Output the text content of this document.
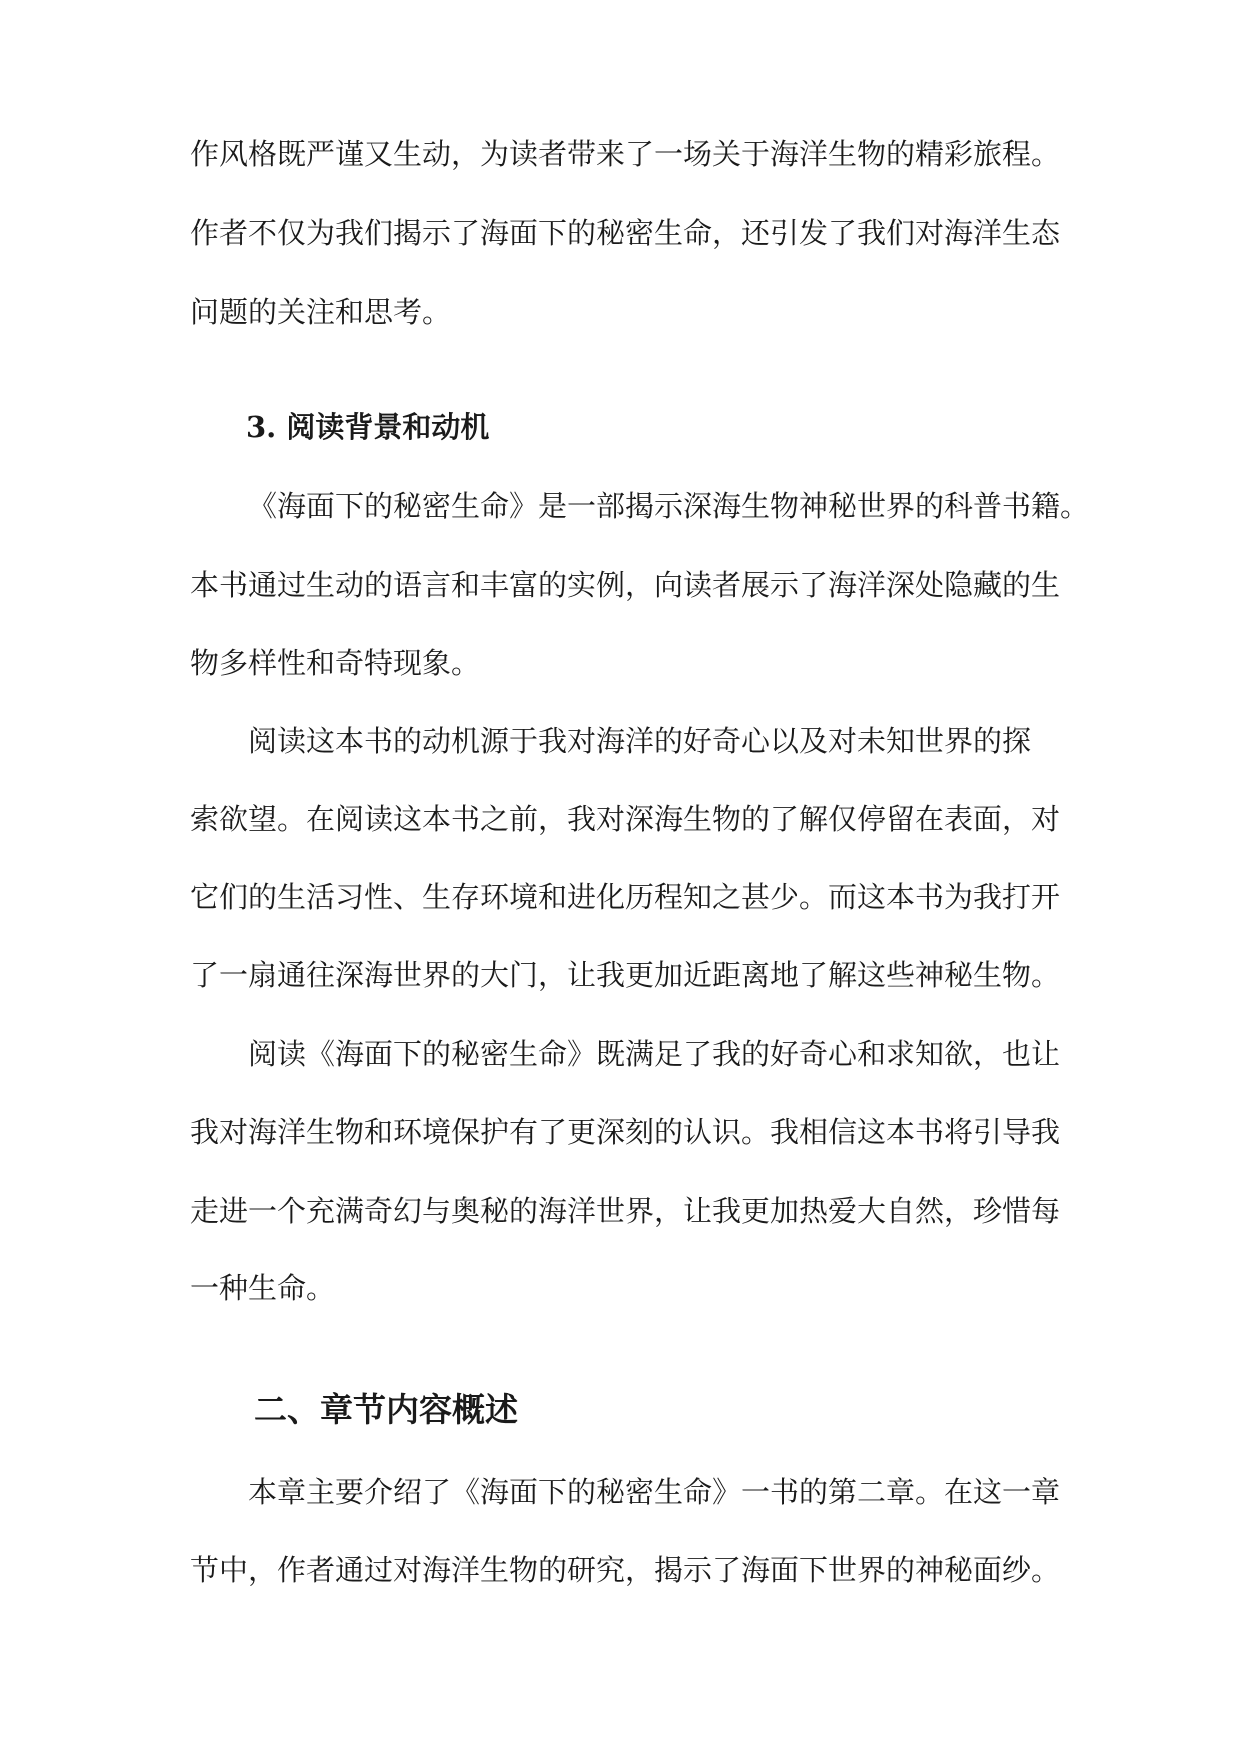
作风格既严谨又生动，为读者带来了一场关于海洋生物的精彩旅程。
作者不仅为我们揭示了海面下的秘密生命，还引发了我们对海洋生态
问题的关注和思考。
3. 阅读背景和动机
《海面下的秘密生命》是一部揭示深海生物神秘世界的科普书籍。
本书通过生动的语言和丰富的实例，向读者展示了海洋深处隐藏的生
物多样性和奇特现象。
阅读这本书的动机源于我对海洋的好奇心以及对未知世界的探
索欲望。在阅读这本书之前，我对深海生物的了解仅停留在表面，对
它们的生活习性、生存环境和进化历程知之甚少。而这本书为我打开
了一扇通往深海世界的大门，让我更加近距离地了解这些神秘生物。
阅读《海面下的秘密生命》既满足了我的好奇心和求知欲，也让
我对海洋生物和环境保护有了更深刻的认识。我相信这本书将引导我
走进一个充满奇幻与奥秘的海洋世界，让我更加热爱大自然，珍惜每
一种生命。
二、章节内容概述
本章主要介绍了《海面下的秘密生命》一书的第二章。在这一章
节中，作者通过对海洋生物的研究，揭示了海面下世界的神秘面纱。
